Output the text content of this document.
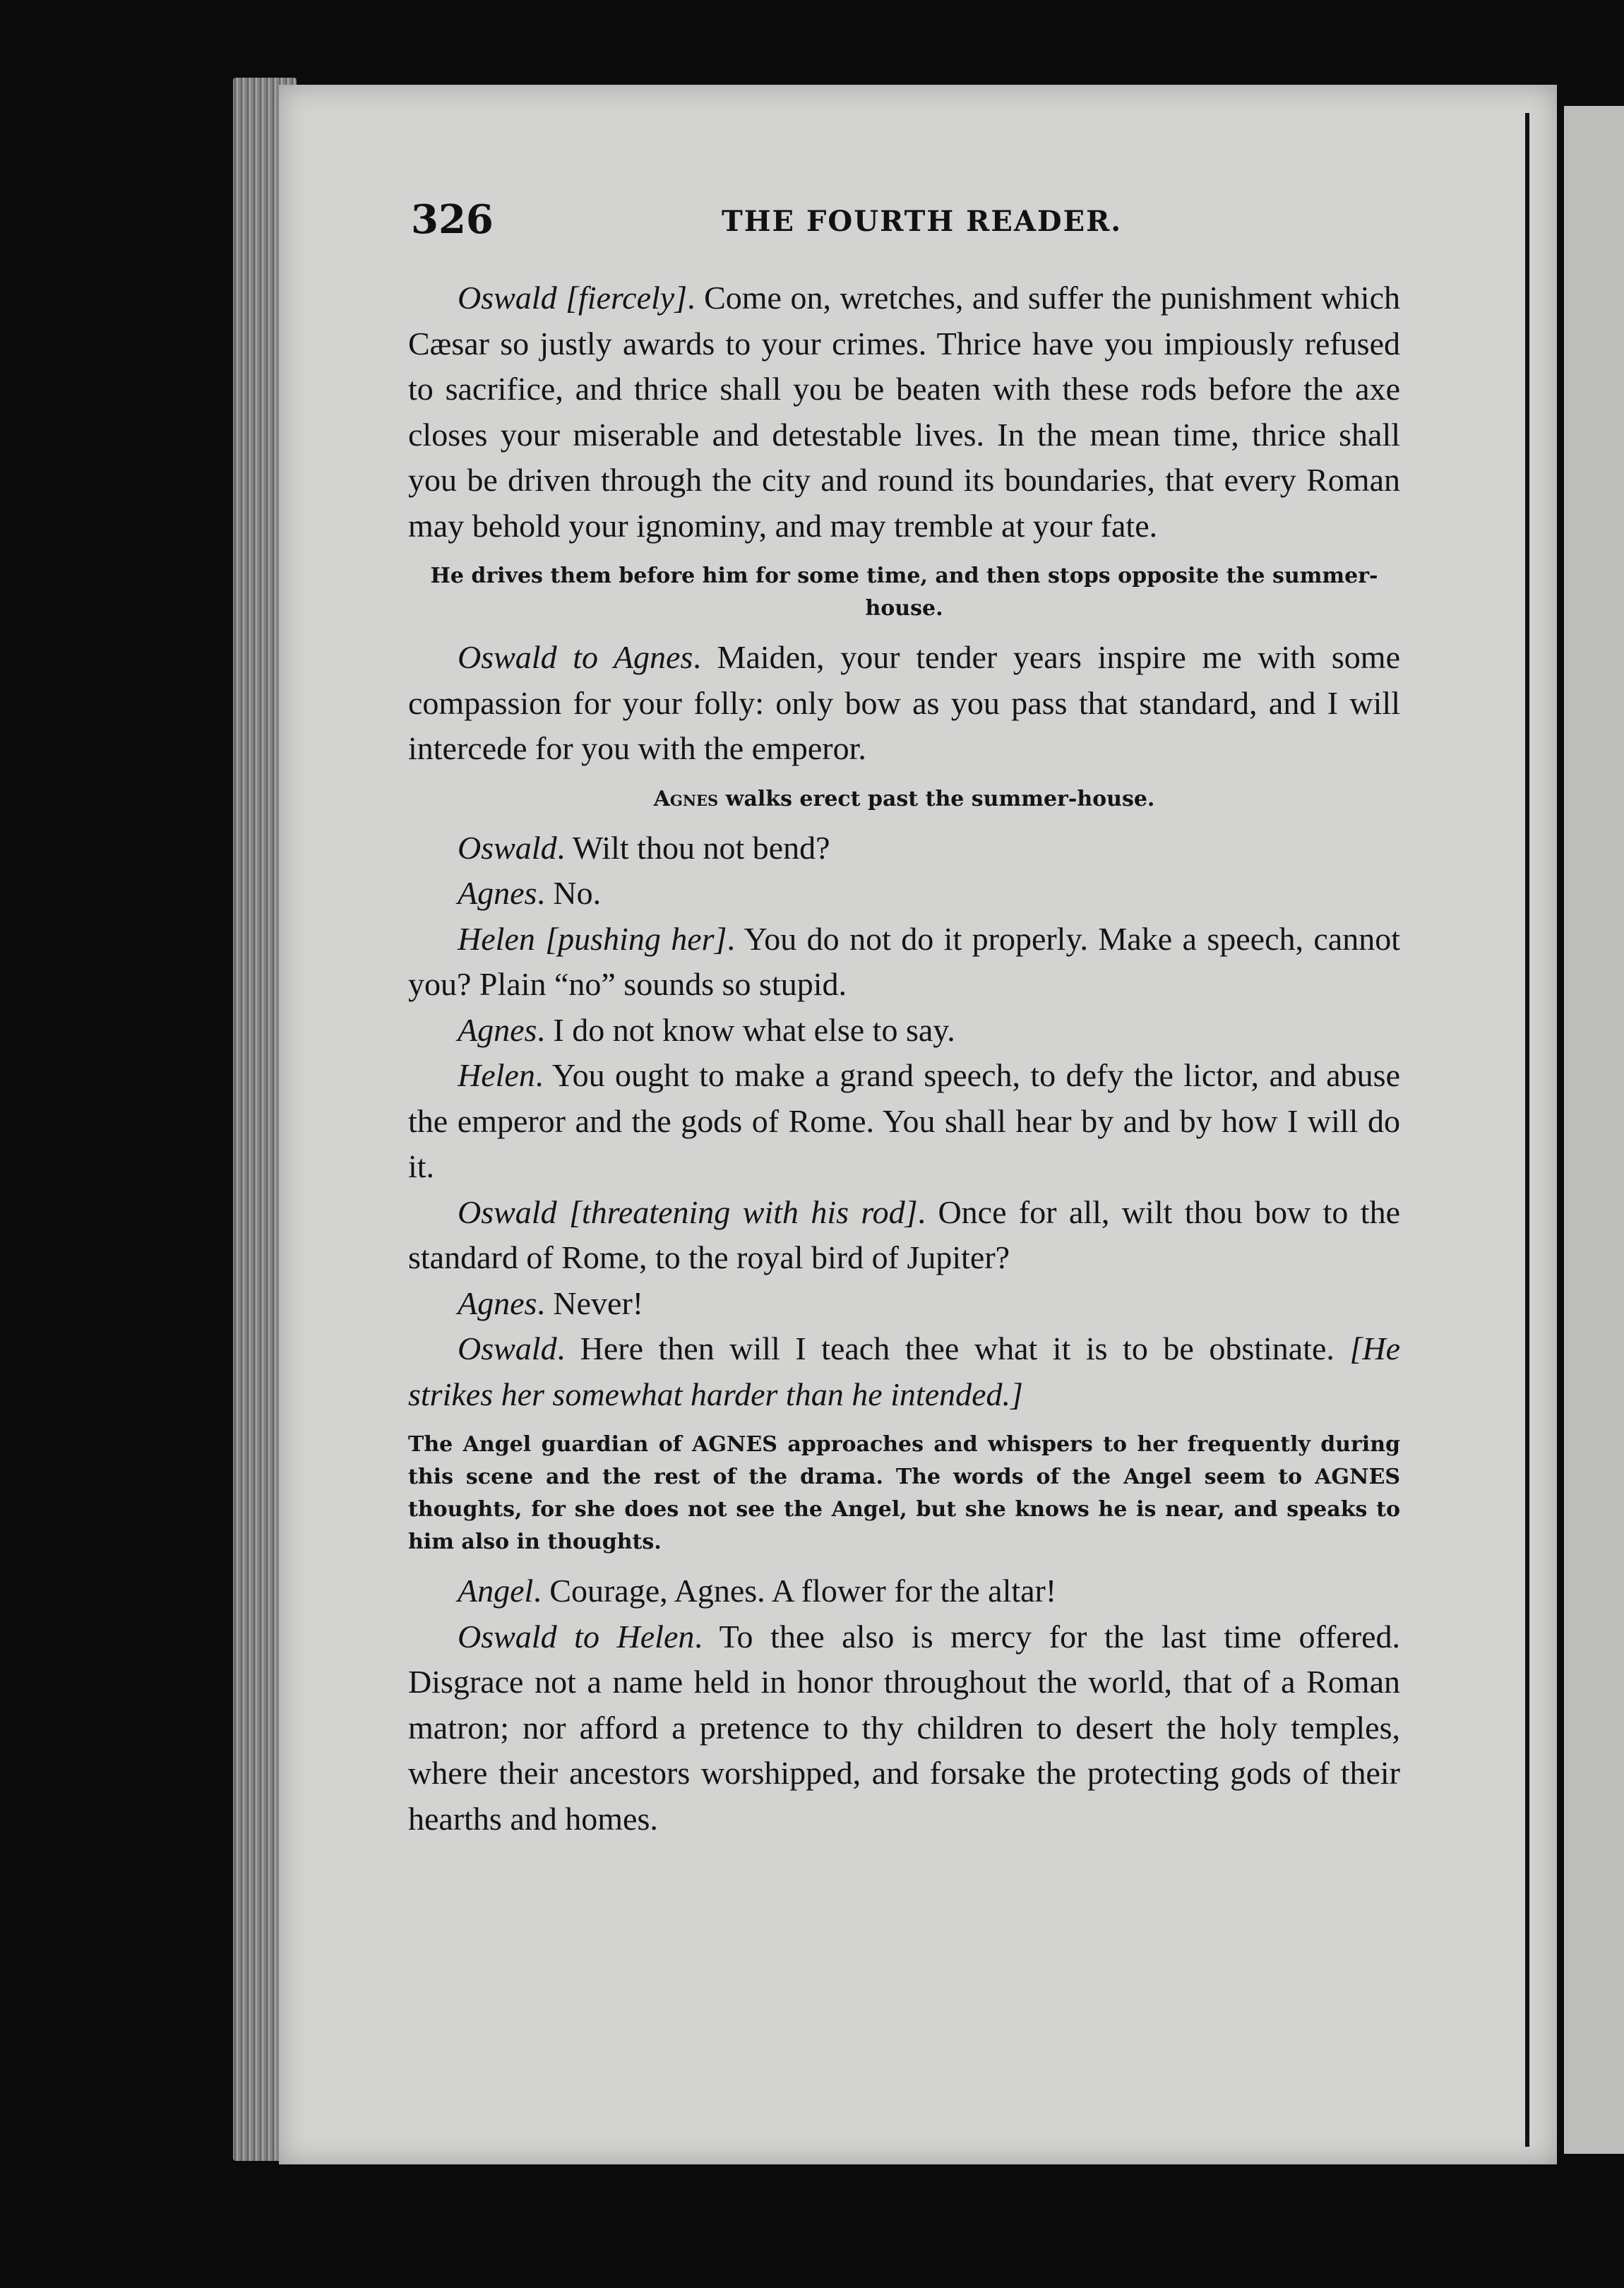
326	THE FOURTH READER.

Oswald [fiercely]. Come on, wretches, and suffer the punishment which Cæsar so justly awards to your crimes. Thrice have you impiously refused to sacrifice, and thrice shall you be beaten with these rods before the axe closes your miserable and detestable lives. In the mean time, thrice shall you be driven through the city and round its boundaries, that every Roman may behold your ignominy, and may tremble at your fate.

He drives them before him for some time, and then stops opposite the summer-house.

Oswald to Agnes. Maiden, your tender years inspire me with some compassion for your folly: only bow as you pass that standard, and I will intercede for you with the emperor.

Agnes walks erect past the summer-house.

Oswald. Wilt thou not bend?

Agnes. No.

Helen [pushing her]. You do not do it properly. Make a speech, cannot you? Plain “no” sounds so stupid.

Agnes. I do not know what else to say.

Helen. You ought to make a grand speech, to defy the lictor, and abuse the emperor and the gods of Rome. You shall hear by and by how I will do it.

Oswald [threatening with his rod]. Once for all, wilt thou bow to the standard of Rome, to the royal bird of Jupiter?

Agnes. Never!

Oswald. Here then will I teach thee what it is to be obstinate. [He strikes her somewhat harder than he intended.]

The Angel guardian of AGNES approaches and whispers to her frequently during this scene and the rest of the drama. The words of the Angel seem to AGNES thoughts, for she does not see the Angel, but she knows he is near, and speaks to him also in thoughts.

Angel. Courage, Agnes. A flower for the altar!

Oswald to Helen. To thee also is mercy for the last time offered. Disgrace not a name held in honor throughout the world, that of a Roman matron; nor afford a pretence to thy children to desert the holy temples, where their ancestors worshipped, and forsake the protecting gods of their hearths and homes.
